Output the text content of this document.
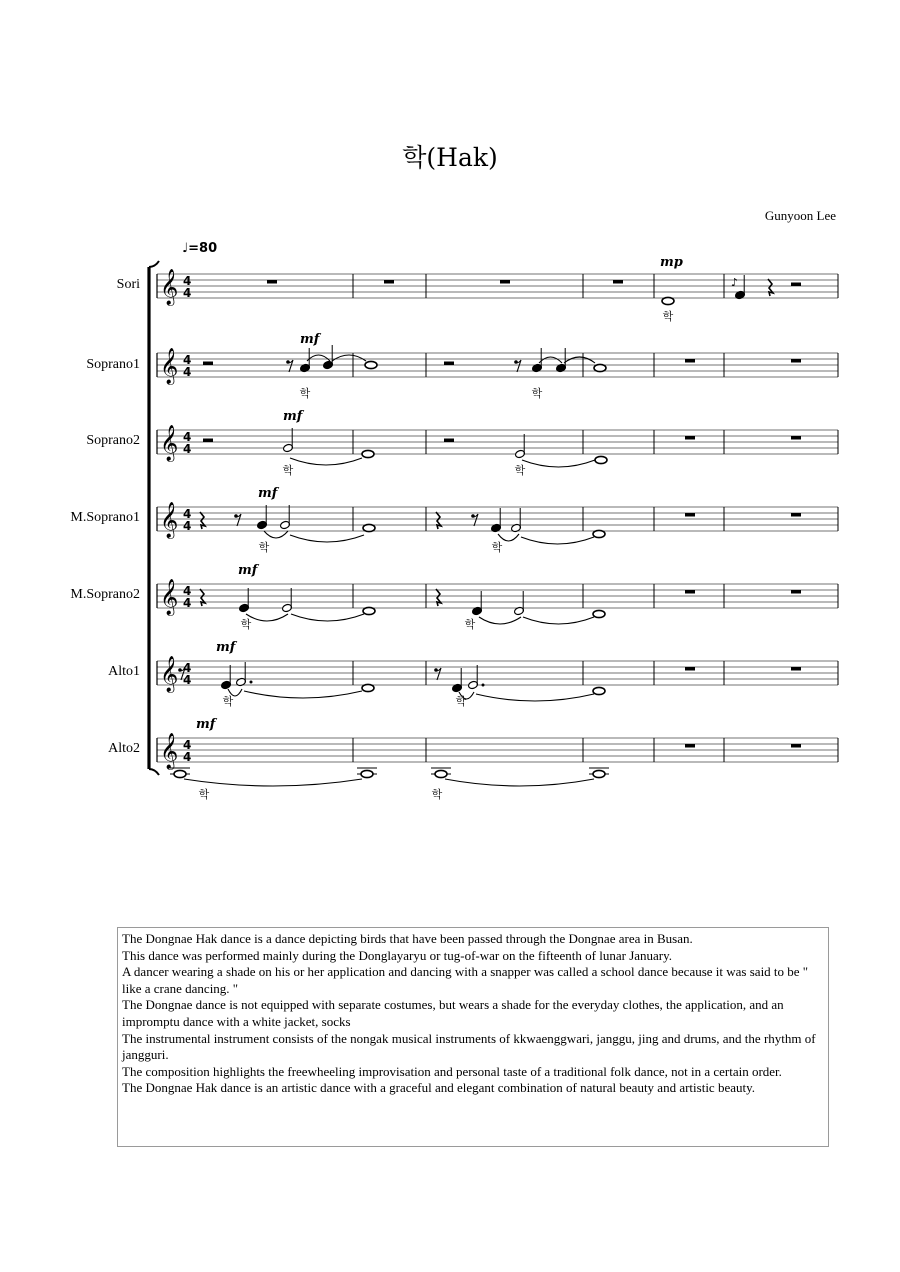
학(Hak)
Gunyoon Lee
♩=80
Sori
Soprano1
Soprano2
M.Soprano1
M.Soprano2
Alto1
Alto2
𝄞 4
4
𝄞 4
4
𝄞 4
4
𝄞 4
4
𝄞 4
4
𝄞 4
4
𝄞 4
4
mp
학
♪
mf
학	학
mf
학	학
mf
학	학
mf
학	학
mf
학	학
mf
학	학

The Dongnae Hak dance is a dance depicting birds that have been passed through the Dongnae area in Busan.

This dance was performed mainly during the Donglayaryu or tug-of-war on the fifteenth of lunar January.

A dancer wearing a shade on his or her application and dancing with a snapper was called a school dance because it was said to be " like a crane dancing. "

The Dongnae dance is not equipped with separate costumes, but wears a shade for the everyday clothes, the application, and an impromptu dance with a white jacket, socks

The instrumental instrument consists of the nongak musical instruments of kkwaenggwari, janggu, jing and drums, and the rhythm of jangguri.

The composition highlights the freewheeling improvisation and personal taste of a traditional folk dance, not in a certain order.

The Dongnae Hak dance is an artistic dance with a graceful and elegant combination of natural beauty and artistic beauty.
